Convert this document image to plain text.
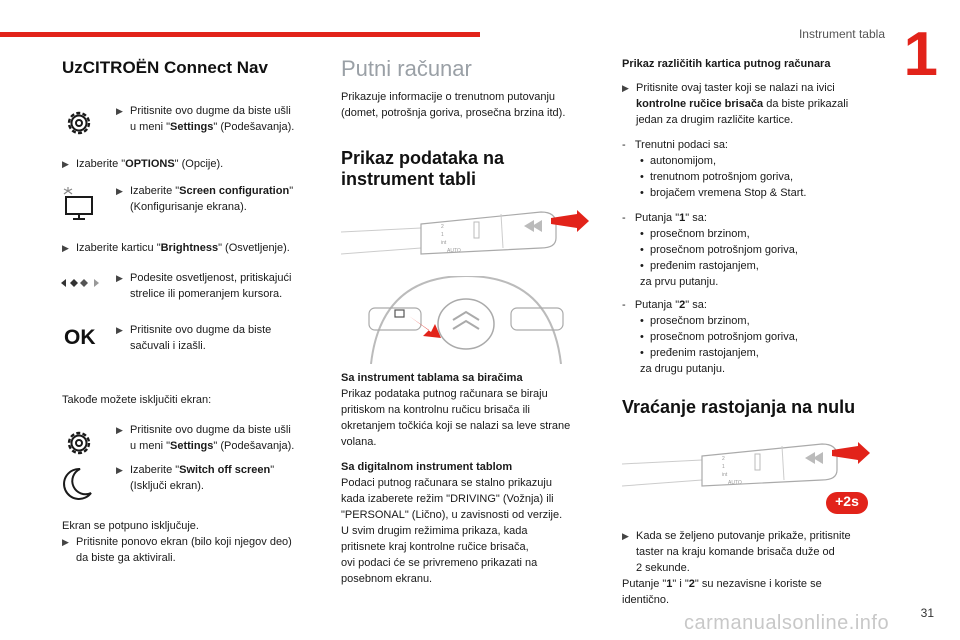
Instrument tabla 1
UzCITROËN Connect Nav
▶︎ Pritisnite ovo dugme da biste ušli
u meni "Settings" (Podešavanja).
▶︎ Izaberite "OPTIONS" (Opcije).
▶︎ Izaberite "Screen configuration"
(Konfigurisanje ekrana).
▶︎ Izaberite karticu "Brightness" (Osvetljenje).
▶︎ Podesite osvetljenost, pritiskajući
strelice ili pomeranjem kursora.
OK ▶︎ Pritisnite ovo dugme da biste
sačuvali i izašli.
Takođe možete isključiti ekran:
▶︎ Pritisnite ovo dugme da biste ušli
u meni "Settings" (Podešavanja).
▶︎ Izaberite "Switch off screen"
(Isključi ekran).
Ekran se potpuno isključuje.
▶︎ Pritisnite ponovo ekran (bilo koji njegov deo)
da biste ga aktivirali.
Putni računar
Prikazuje informacije o trenutnom putovanju
(domet, potrošnja goriva, prosečna brzina itd).
Prikaz podataka na
instrument tabli
2
1
int
AUTO
Sa instrument tablama sa biračima
Prikaz podataka putnog računara se biraju
pritiskom na kontrolnu ručicu brisača ili
okretanjem točkića koji se nalazi sa leve strane
volana.
Sa digitalnom instrument tablom
Podaci putnog računara se stalno prikazuju
kada izaberete režim "DRIVING" (Vožnja) ili
"PERSONAL" (Lično), u zavisnosti od verzije.
U svim drugim režimima prikaza, kada
pritisnete kraj kontrolne ručice brisača,
ovi podaci će se privremeno prikazati na
posebnom ekranu.
Prikaz različitih kartica putnog računara
▶︎ Pritisnite ovaj taster koji se nalazi na ivici
kontrolne ručice brisača da biste prikazali
jedan za drugim različite kartice.
-   Trenutni podaci sa:

•  autonomijom,
•  trenutnom potrošnjom goriva,
•  brojačem vremena Stop & Start.
-   Putanja "1" sa:

•  prosečnom brzinom,
•  prosečnom potrošnjom goriva,
•  pređenim rastojanjem,
za prvu putanju.
-   Putanja "2" sa:

•  prosečnom brzinom,
•  prosečnom potrošnjom goriva,
•  pređenim rastojanjem,
za drugu putanju.
Vraćanje rastojanja na nulu
2
1
int
AUTO
+2s
▶︎ Kada se željeno putovanje prikaže, pritisnite
taster na kraju komande brisača duže od
2 sekunde.
Putanje "1" i "2" su nezavisne i koriste se
identično.
carmanualsonline.info	31
